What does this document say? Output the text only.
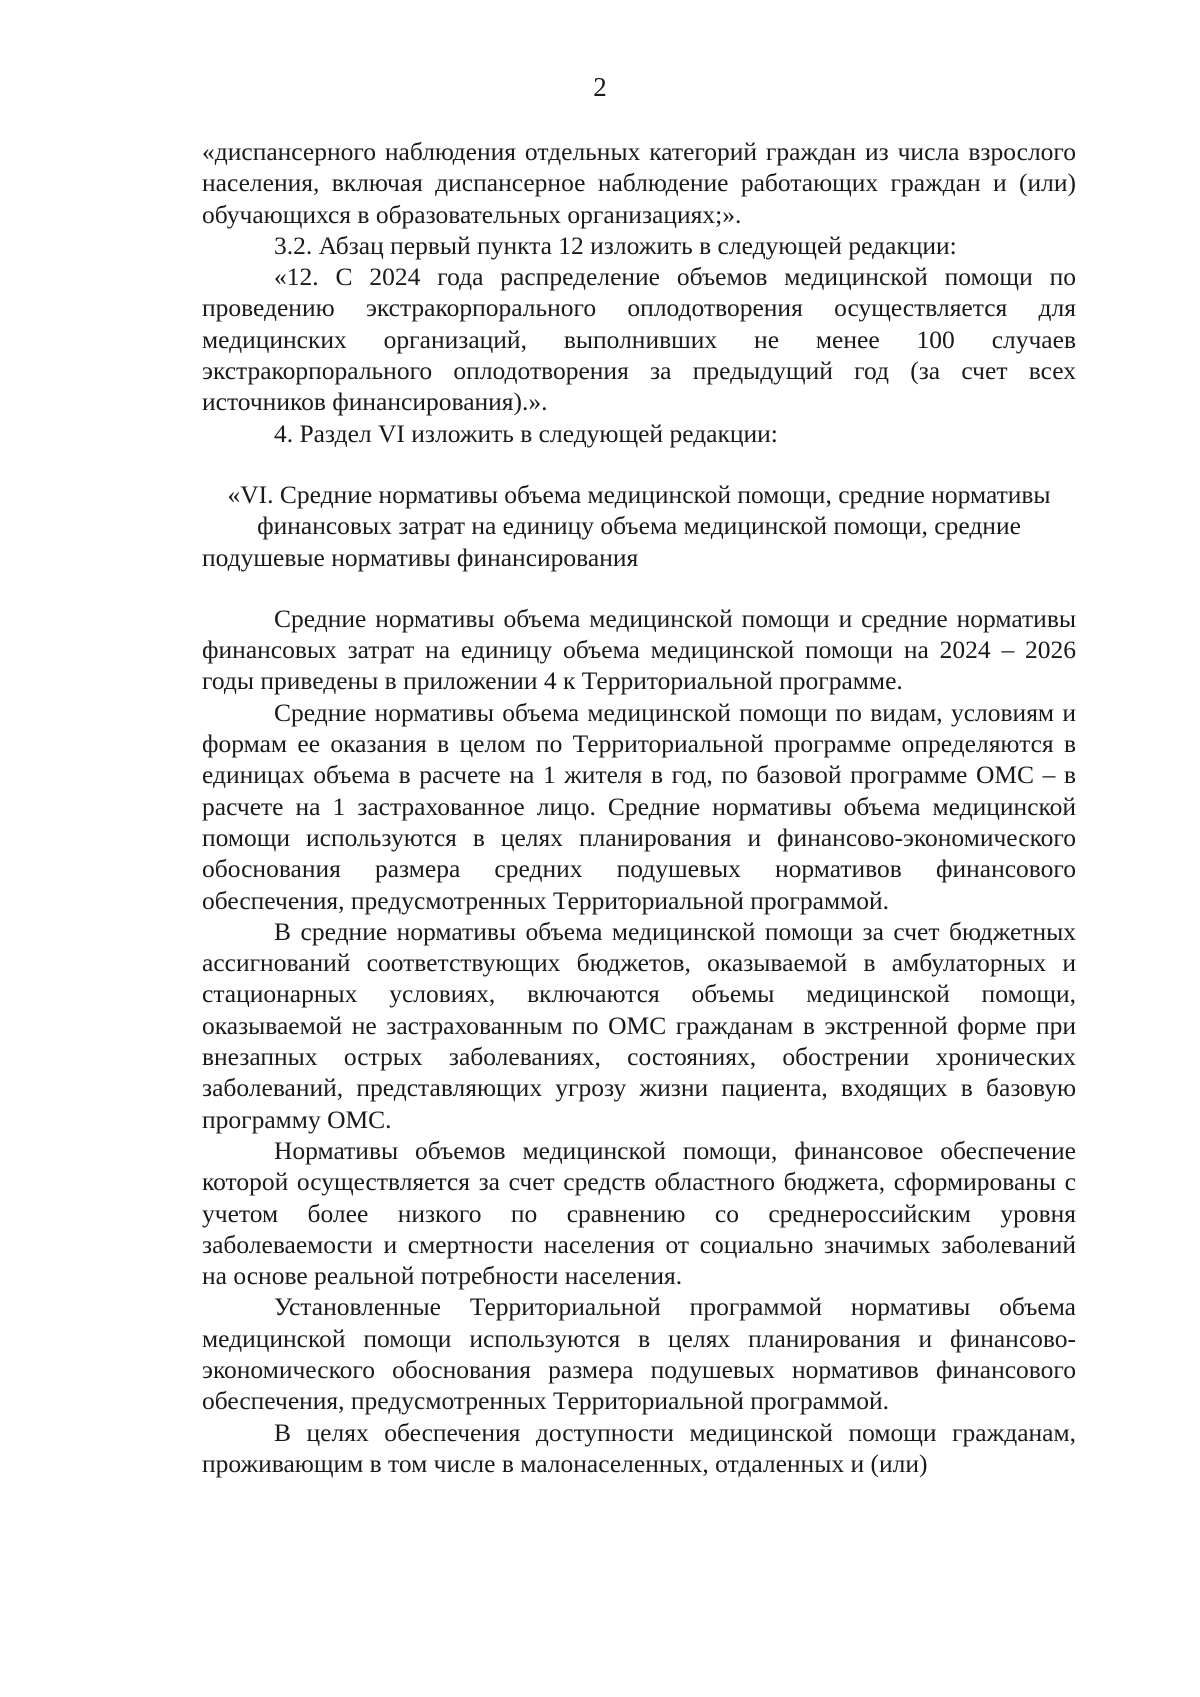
2

«диспансерного наблюдения отдельных категорий граждан из числа взрослого населения, включая диспансерное наблюдение работающих граждан и (или) обучающихся в образовательных организациях;».

3.2. Абзац первый пункта 12 изложить в следующей редакции:

«12. С 2024 года распределение объемов медицинской помощи по проведению экстракорпорального оплодотворения осуществляется для медицинских организаций, выполнивших не менее 100 случаев экстракорпорального оплодотворения за предыдущий год (за счет всех источников финансирования).».

4. Раздел VI изложить в следующей редакции:

«VI. Средние нормативы объема медицинской помощи, средние нормативы финансовых затрат на единицу объема медицинской помощи, средние подушевые нормативы финансирования

Средние нормативы объема медицинской помощи и средние нормативы финансовых затрат на единицу объема медицинской помощи на 2024 – 2026 годы приведены в приложении 4 к Территориальной программе.

Средние нормативы объема медицинской помощи по видам, условиям и формам ее оказания в целом по Территориальной программе определяются в единицах объема в расчете на 1 жителя в год, по базовой программе ОМС – в расчете на 1 застрахованное лицо. Средние нормативы объема медицинской помощи используются в целях планирования и финансово-экономического обоснования размера средних подушевых нормативов финансового обеспечения, предусмотренных Территориальной программой.

В средние нормативы объема медицинской помощи за счет бюджетных ассигнований соответствующих бюджетов, оказываемой в амбулаторных и стационарных условиях, включаются объемы медицинской помощи, оказываемой не застрахованным по ОМС гражданам в экстренной форме при внезапных острых заболеваниях, состояниях, обострении хронических заболеваний, представляющих угрозу жизни пациента, входящих в базовую программу ОМС.

Нормативы объемов медицинской помощи, финансовое обеспечение которой осуществляется за счет средств областного бюджета, сформированы с учетом более низкого по сравнению со среднероссийским уровня заболеваемости и смертности населения от социально значимых заболеваний на основе реальной потребности населения.

Установленные Территориальной программой нормативы объема медицинской помощи используются в целях планирования и финансово-экономического обоснования размера подушевых нормативов финансового обеспечения, предусмотренных Территориальной программой.

В целях обеспечения доступности медицинской помощи гражданам, проживающим в том числе в малонаселенных, отдаленных и (или)
